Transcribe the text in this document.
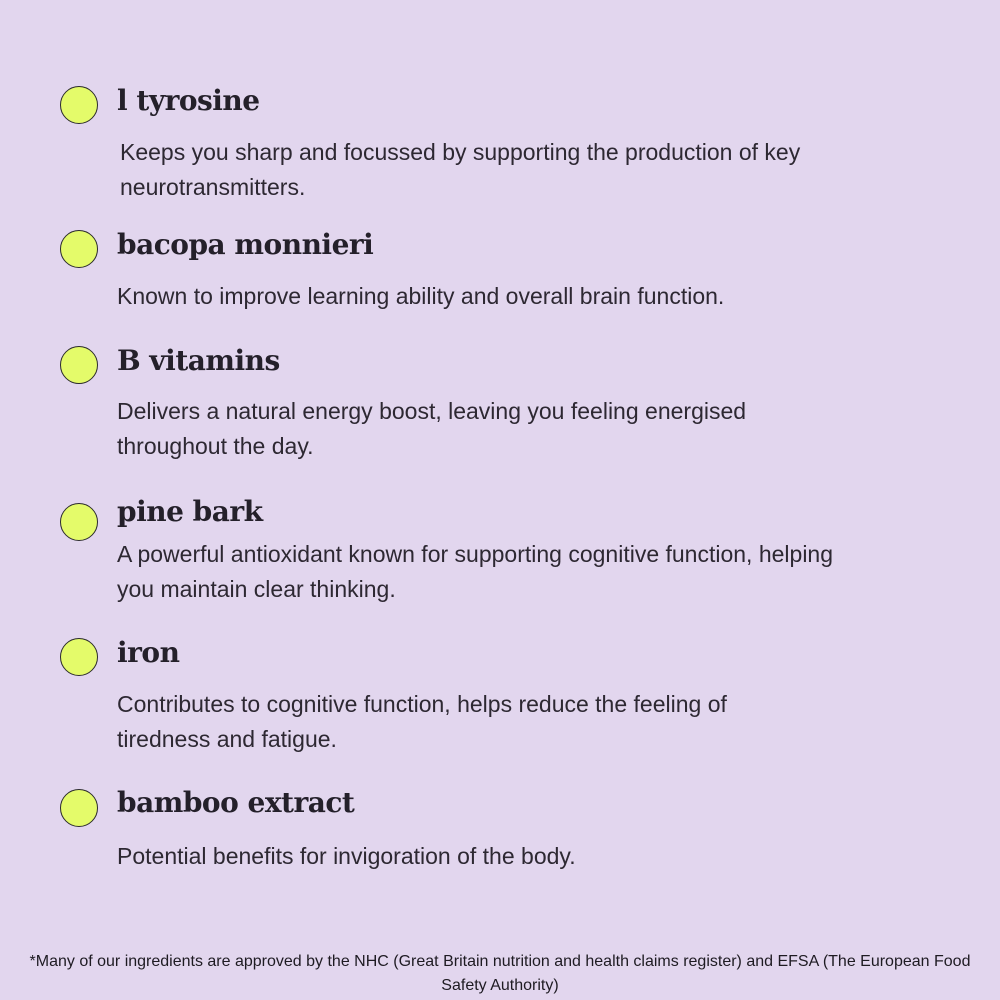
l tyrosine
Keeps you sharp and focussed by supporting the production of key neurotransmitters.
bacopa monnieri
Known to improve learning ability and overall brain function.
B vitamins
Delivers a natural energy boost, leaving you feeling energised throughout the day.
pine bark
A powerful antioxidant known for supporting cognitive function, helping you maintain clear thinking.
iron
Contributes to cognitive function, helps reduce the feeling of tiredness and fatigue.
bamboo extract
Potential benefits for invigoration of the body.
*Many of our ingredients are approved by the NHC (Great Britain nutrition and health claims register) and EFSA (The European Food Safety Authority)
